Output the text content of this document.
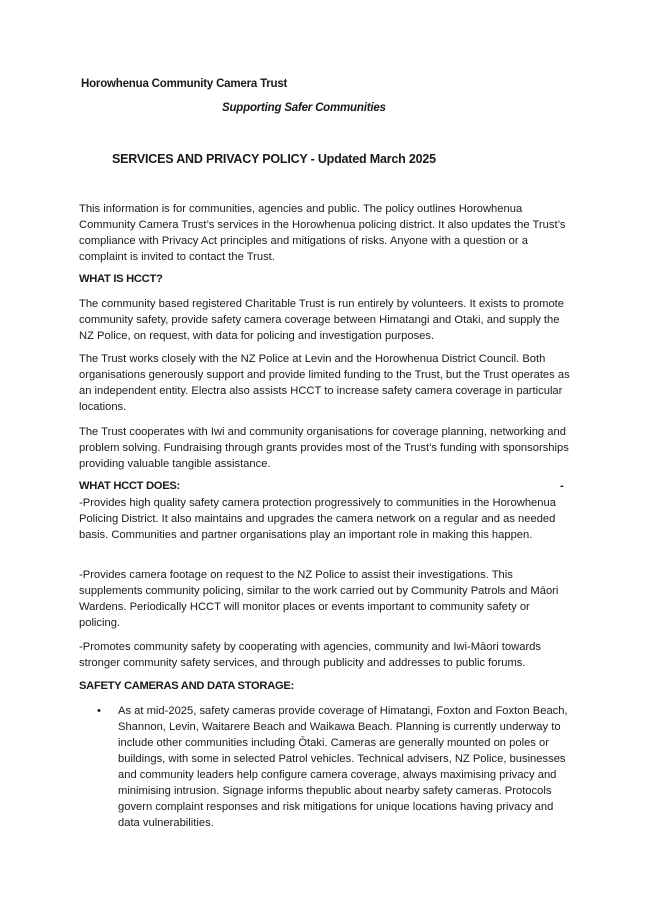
Horowhenua Community Camera Trust
Supporting Safer Communities
SERVICES AND PRIVACY POLICY - Updated March 2025

This information is for communities, agencies and public. The policy outlines Horowhenua Community Camera Trust’s services in the Horowhenua policing district. It also updates the Trust’s compliance with Privacy Act principles and mitigations of risks. Anyone with a question or a complaint is invited to contact the Trust.

WHAT IS HCCT?

The community based registered Charitable Trust is run entirely by volunteers. It exists to promote community safety, provide safety camera coverage between Himatangi and Otaki, and supply the NZ Police, on request, with data for policing and investigation purposes.

The Trust works closely with the NZ Police at Levin and the Horowhenua District Council. Both organisations generously support and provide limited funding to the Trust, but the Trust operates as an independent entity. Electra also assists HCCT to increase safety camera coverage in particular locations.

The Trust cooperates with Iwi and community organisations for coverage planning, networking and problem solving. Fundraising through grants provides most of the Trust’s funding with sponsorships providing valuable tangible assistance.

WHAT HCCT DOES:	-

-Provides high quality safety camera protection progressively to communities in the Horowhenua Policing District. It also maintains and upgrades the camera network on a regular and as needed basis. Communities and partner organisations play an important role in making this happen.

-Provides camera footage on request to the NZ Police to assist their investigations. This supplements community policing, similar to the work carried out by Community Patrols and Māori Wardens. Periodically HCCT will monitor places or events important to community safety or policing.

-Promotes community safety by cooperating with agencies, community and Iwi-Māori towards stronger community safety services, and through publicity and addresses to public forums.

SAFETY CAMERAS AND DATA STORAGE:

• As at mid-2025, safety cameras provide coverage of Himatangi, Foxton and Foxton Beach, Shannon, Levin, Waitarere Beach and Waikawa Beach. Planning is currently underway to include other communities including Ōtaki. Cameras are generally mounted on poles or buildings, with some in selected Patrol vehicles. Technical advisers, NZ Police, businesses and community leaders help configure camera coverage, always maximising privacy and minimising intrusion. Signage informs thepublic about nearby safety cameras. Protocols govern complaint responses and risk mitigations for unique locations having privacy and data vulnerabilities.
